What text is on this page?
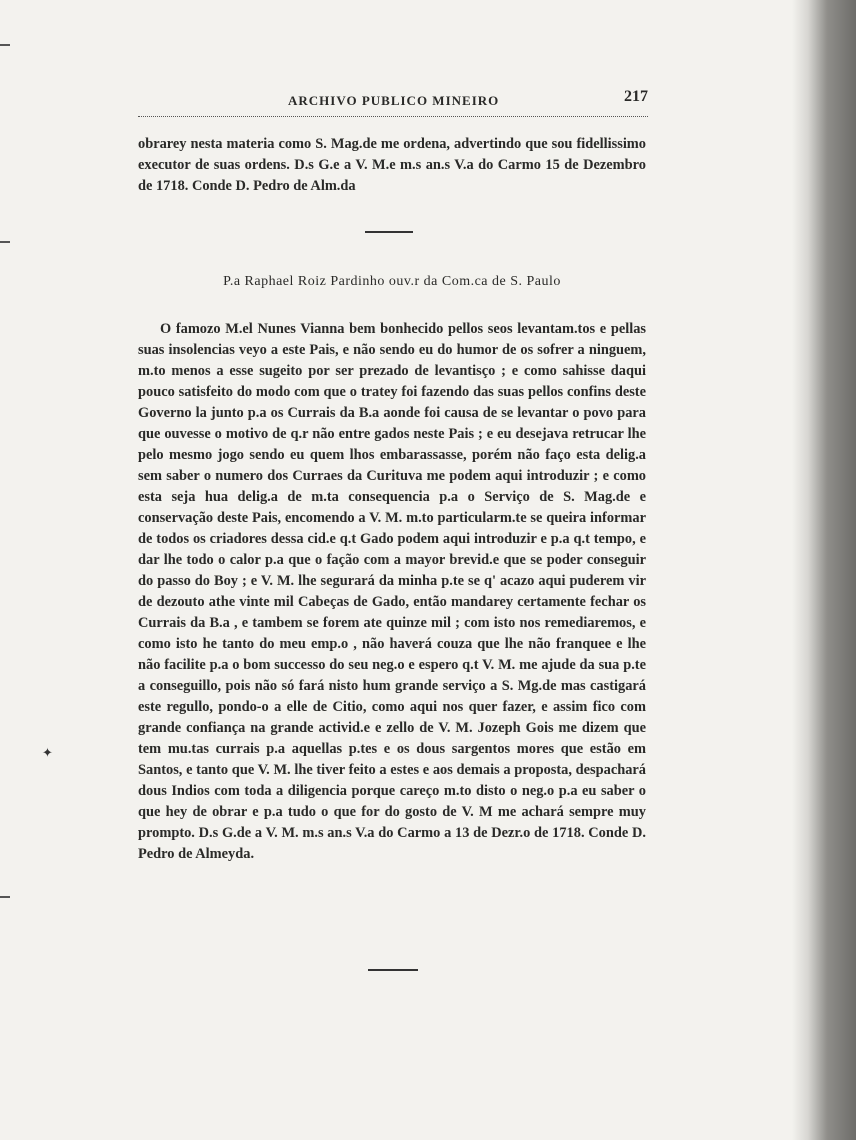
✦
ARCHIVO PUBLICO MINEIRO	217

obrarey nesta materia como S. Mag.de me ordena, advertindo que sou fidellissimo executor de suas ordens. D.s G.e a V. M.e m.s an.s V.a do Carmo 15 de Dezembro de 1718. Conde D. Pedro de Alm.da

P.a Raphael Roiz Pardinho ouv.r da Com.ca de S. Paulo

O famozo M.el Nunes Vianna bem bonhecido pellos seos levantam.tos e pellas suas insolencias veyo a este Pais, e não sendo eu do humor de os sofrer a ninguem, m.to menos a esse sugeito por ser prezado de levantisço ; e como sahisse daqui pouco satisfeito do modo com que o tratey foi fazendo das suas pellos confins deste Governo la junto p.a os Currais da B.a aonde foi causa de se levantar o povo para que ouvesse o motivo de q.r não entre gados neste Pais ; e eu desejava retrucar lhe pelo mesmo jogo sendo eu quem lhos embarassasse, porém não faço esta delig.a sem saber o numero dos Curraes da Curituva me podem aqui introduzir ; e como esta seja hua delig.a de m.ta consequencia p.a o Serviço de S. Mag.de e conservação deste Pais, encomendo a V. M. m.to particularm.te se queira informar de todos os criadores dessa cid.e q.t Gado podem aqui introduzir e p.a q.t tempo, e dar lhe todo o calor p.a que o fação com a mayor brevid.e que se poder conseguir do passo do Boy ; e V. M. lhe segurará da minha p.te se q' acazo aqui puderem vir de dezouto athe vinte mil Cabeças de Gado, então mandarey certamente fechar os Currais da B.a , e tambem se forem ate quinze mil ; com isto nos remediaremos, e como isto he tanto do meu emp.o , não haverá couza que lhe não franquee e lhe não facilite p.a o bom successo do seu neg.o e espero q.t V. M. me ajude da sua p.te a conseguillo, pois não só fará nisto hum grande serviço a S. Mg.de mas castigará este regullo, pondo-o a elle de Citio, como aqui nos quer fazer, e assim fico com grande confiança na grande activid.e e zello de V. M. Jozeph Gois me dizem que tem mu.tas currais p.a aquellas p.tes e os dous sargentos mores que estão em Santos, e tanto que V. M. lhe tiver feito a estes e aos demais a proposta, despachará dous Indios com toda a diligencia porque careço m.to disto o neg.o p.a eu saber o que hey de obrar e p.a tudo o que for do gosto de V. M me achará sempre muy prompto. D.s G.de a V. M. m.s an.s V.a do Carmo a 13 de Dezr.o de 1718. Conde D. Pedro de Almeyda.
